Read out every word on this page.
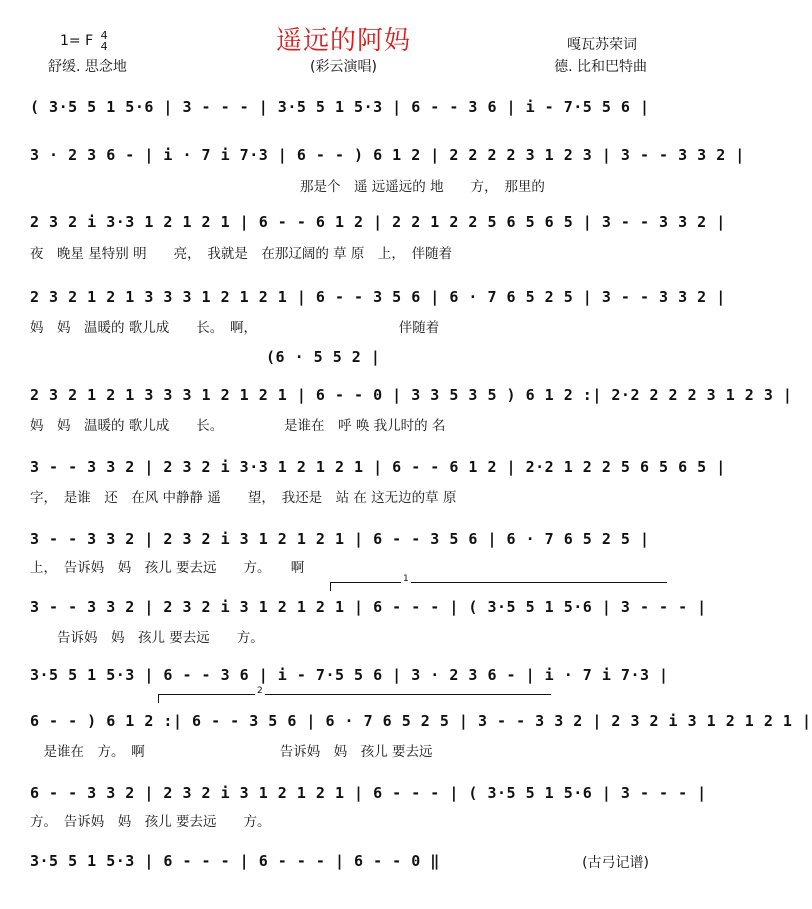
遥远的阿妈
1= F 4
4
舒缓. 思念地	(彩云演唱)
嘎瓦苏荣词
德. 比和巴特曲
( 3·5 5 1 5·6 | 3 - - - | 3·5 5 1 5·3 | 6 - - 3 6 | i - 7·5 5 6 |
3 · 2 3 6 - | i · 7 i 7·3 | 6 - - ) 6 1 2 | 2 2 2 2 3 1 2 3 | 3 - - 3 3 2 |
那是个　遥 远遥远的 地　　方，　那里的
2 3 2 i 3·3 1 2 1 2 1 | 6 - - 6 1 2 | 2 2 1 2 2 5 6 5 6 5 | 3 - - 3 3 2 |
夜　晚星 星特别 明　　亮，　我就是　在那辽阔的 草 原　上，　伴随着
2 3 2 1 2 1 3 3 3 1 2 1 2 1 | 6 - - 3 5 6 | 6 · 7 6 5 2 5 | 3 - - 3 3 2 |
妈　妈　温暖的 歌儿成　　长。　啊，　　　　　　　　　　　伴随着
(6 · 5 5 2 |
2 3 2 1 2 1 3 3 3 1 2 1 2 1 | 6 - - 0 | 3 3 5 3 5 ) 6 1 2 :| 2·2 2 2 2 3 1 2 3 |
妈　妈　温暖的 歌儿成　　长。　　　　　是谁在　呼 唤 我儿时的 名
3 - - 3 3 2 | 2 3 2 i 3·3 1 2 1 2 1 | 6 - - 6 1 2 | 2·2 1 2 2 5 6 5 6 5 |
字，　是谁　还　在风 中静静 遥　　望，　我还是　站 在 这无边的草 原
3 - - 3 3 2 | 2 3 2 i 3 1 2 1 2 1 | 6 - - 3 5 6 | 6 · 7 6 5 2 5 |
上，　告诉妈　妈　孩儿 要去远　　方。　　啊
1
3 - - 3 3 2 | 2 3 2 i 3 1 2 1 2 1 | 6 - - - | ( 3·5 5 1 5·6 | 3 - - - |
　　告诉妈　妈　孩儿 要去远　　方。
3·5 5 1 5·3 | 6 - - 3 6 | i - 7·5 5 6 | 3 · 2 3 6 - | i · 7 i 7·3 |
2
6 - - ) 6 1 2 :| 6 - - 3 5 6 | 6 · 7 6 5 2 5 | 3 - - 3 3 2 | 2 3 2 i 3 1 2 1 2 1 |
　是谁在　方。　啊　　　　　　　　　　告诉妈　妈　孩儿 要去远
6 - - 3 3 2 | 2 3 2 i 3 1 2 1 2 1 | 6 - - - | ( 3·5 5 1 5·6 | 3 - - - |
方。　告诉妈　妈　孩儿 要去远　　方。
3·5 5 1 5·3 | 6 - - - | 6 - - - | 6 - - 0 ‖	(古弓记谱)
